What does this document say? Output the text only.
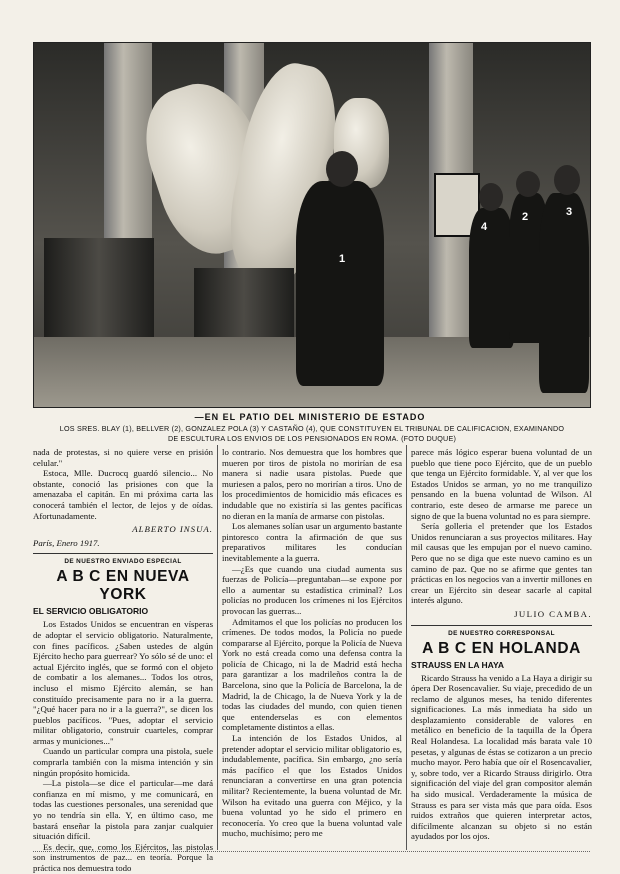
1
4
2	3
—EN EL PATIO DEL MINISTERIO DE ESTADO
LOS SRES. BLAY (1), BELLVER (2), GONZALEZ POLA (3) Y CASTAÑO (4), QUE CONSTITUYEN EL TRIBUNAL DE CALIFICACION, EXAMINANDO
DE ESCULTURA LOS ENVIOS DE LOS PENSIONADOS EN ROMA. (FOTO DUQUE)

nada de protestas, si no quiere verse en prisión celular."

Estoca, Mlle. Ducrocq guardó silencio... No obstante, conoció las prisiones con que la amenazaba el capitán. En mi próxima carta las conocerá también el lector, de lejos y de oídas. Afortunadamente.

ALBERTO INSUA.
París, Enero 1917.
DE NUESTRO ENVIADO ESPECIAL
A B C EN NUEVA YORK
EL SERVICIO OBLIGATORIO

Los Estados Unidos se encuentran en vísperas de adoptar el servicio obligatorio. Naturalmente, con fines pacíficos. ¿Saben ustedes de algún Ejército hecho para guerrear? Yo sólo sé de uno: el actual Ejército inglés, que se formó con el objeto de combatir a los alemanes... Todos los otros, incluso el mismo Ejército alemán, se han constituído precisamente para no ir a la guerra. "¿Qué hacer para no ir a la guerra?", se dicen los pueblos pacíficos. "Pues, adoptar el servicio militar obligatorio, construir cuarteles, comprar armas y municiones..."

Cuando un particular compra una pistola, suele comprarla también con la misma intención y sin ningún propósito homicida.

—La pistola—se dice el particular—me dará confianza en mí mismo, y me comunicará, en todas las cuestiones personales, una serenidad que yo no tendría sin ella. Y, en último caso, me bastará enseñar la pistola para zanjar cualquier situación difícil.

Es decir, que, como los Ejércitos, las pistolas son instrumentos de paz... en teoría. Porque la práctica nos demuestra todo

lo contrario. Nos demuestra que los hombres que mueren por tiros de pistola no morirían de esa manera si nadie usara pistolas. Puede que muriesen a palos, pero no morirían a tiros. Uno de los procedimientos de homicidio más eficaces es indudable que no existiría si las gentes pacíficas no dieran en la manía de armarse con pistolas.

Los alemanes solían usar un argumento bastante pintoresco contra la afirmación de que sus preparativos militares les conducían inevitablemente a la guerra.

—¿Es que cuando una ciudad aumenta sus fuerzas de Policía—preguntaban—se expone por ello a aumentar su estadística criminal? Los policías no producen los crímenes ni los Ejércitos provocan las guerras...

Admitamos el que los policías no producen los crímenes. De todos modos, la Policía no puede compararse al Ejército, porque la Policía de Nueva York no está creada como una defensa contra la policía de Chicago, ni la de Madrid está hecha para garantizar a los madrileños contra la de Barcelona, sino que la Policía de Barcelona, la de Madrid, la de Chicago, la de Nueva York y la de todas las ciudades del mundo, con quien tienen que entenderselas es con elementos completamente distintos a ellas.

La intención de los Estados Unidos, al pretender adoptar el servicio militar obligatorio es, indudablemente, pacífica. Sin embargo, ¿no sería más pacífico el que los Estados Unidos renunciaran a convertirse en una gran potencia militar? Recientemente, la buena voluntad de Mr. Wilson ha evitado una guerra con Méjico, y la buena voluntad yo he sido el primero en reconocería. Yo creo que la buena voluntad vale mucho, muchísimo; pero me

parece más lógico esperar buena voluntad de un pueblo que tiene poco Ejército, que de un pueblo que tenga un Ejército formidable. Y, al ver que los Estados Unidos se arman, yo no me tranquilizo pensando en la buena voluntad de Wilson. Al contrario, este deseo de armarse me parece un signo de que la buena voluntad no es para siempre.

Sería golleria el pretender que los Estados Unidos renunciaran a sus proyectos militares. Hay mil causas que les empujan por el nuevo camino. Pero que no se diga que este nuevo camino es un camino de paz. Que no se afirme que gentes tan prácticas en los negocios van a invertir millones en crear un Ejército sin desear sacarle al capital interés alguno.

JULIO CAMBA.
DE NUESTRO CORRESPONSAL
A B C EN HOLANDA
STRAUSS EN LA HAYA

Ricardo Strauss ha venido a La Haya a dirigir su ópera Der Rosencavalier. Su viaje, precedido de un reclamo de algunos meses, ha tenido diferentes significaciones. La más inmediata ha sido un desplazamiento considerable de valores en metálico en beneficio de la taquilla de la Ópera Real Holandesa. La localidad más barata vale 10 pesetas, y algunas de éstas se cotizaron a un precio mucho mayor. Pero había que oír el Rosencavalier, y, sobre todo, ver a Ricardo Strauss dirigirlo. Otra significación del viaje del gran compositor alemán ha sido musical. Verdaderamente la música de Strauss es para ser vista más que para oída. Esos ruidos extraños que quieren interpretar actos, difícilmente alcanzan su objeto si no están ayudados por los ojos.
